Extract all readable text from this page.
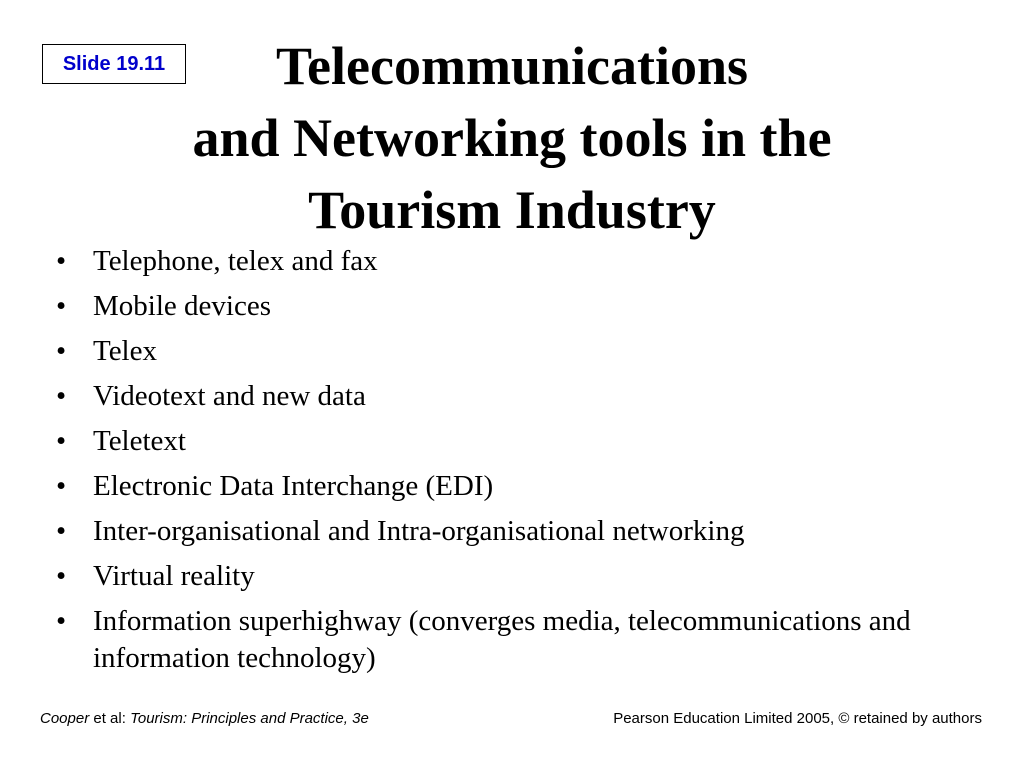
Slide 19.11	Telecommunications
and Networking tools in the
Tourism Industry
• Telephone, telex and fax
• Mobile devices
• Telex
• Videotext and new data
• Teletext
• Electronic Data Interchange (EDI)
• Inter-organisational and Intra-organisational networking
• Virtual reality
• Information superhighway (converges media, telecommunications and information technology)
Cooper et al: Tourism: Principles and Practice, 3e	Pearson Education Limited 2005, © retained by authors
